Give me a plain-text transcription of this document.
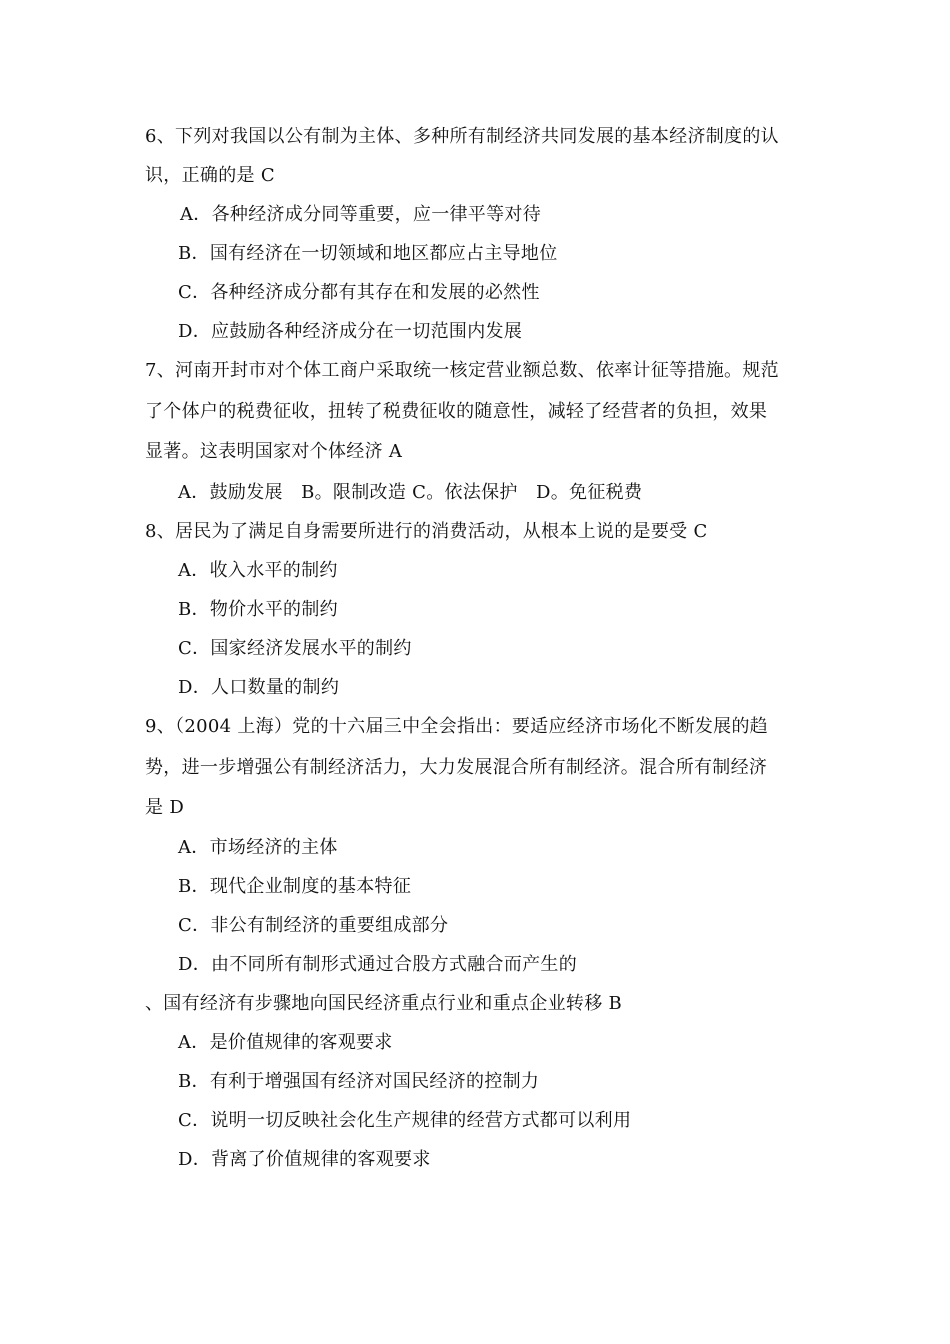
6、下列对我国以公有制为主体、多种所有制经济共同发展的基本经济制度的认
识，正确的是 C
A．各种经济成分同等重要，应一律平等对待
B．国有经济在一切领域和地区都应占主导地位
C．各种经济成分都有其存在和发展的必然性
D．应鼓励各种经济成分在一切范围内发展
7、河南开封市对个体工商户采取统一核定营业额总数、依率计征等措施。规范
了个体户的税费征收，扭转了税费征收的随意性，减轻了经营者的负担，效果
显著。这表明国家对个体经济 A
A．鼓励发展　B。限制改造 C。依法保护　D。免征税费
8、居民为了满足自身需要所进行的消费活动，从根本上说的是要受 C
A．收入水平的制约
B．物价水平的制约
C．国家经济发展水平的制约
D．人口数量的制约
9、（2004 上海）党的十六届三中全会指出：要适应经济市场化不断发展的趋
势，进一步增强公有制经济活力，大力发展混合所有制经济。混合所有制经济
是 D
A．市场经济的主体
B．现代企业制度的基本特征
C．非公有制经济的重要组成部分
D．由不同所有制形式通过合股方式融合而产生的
、国有经济有步骤地向国民经济重点行业和重点企业转移 B
A．是价值规律的客观要求
B．有利于增强国有经济对国民经济的控制力
C．说明一切反映社会化生产规律的经营方式都可以利用
D．背离了价值规律的客观要求
